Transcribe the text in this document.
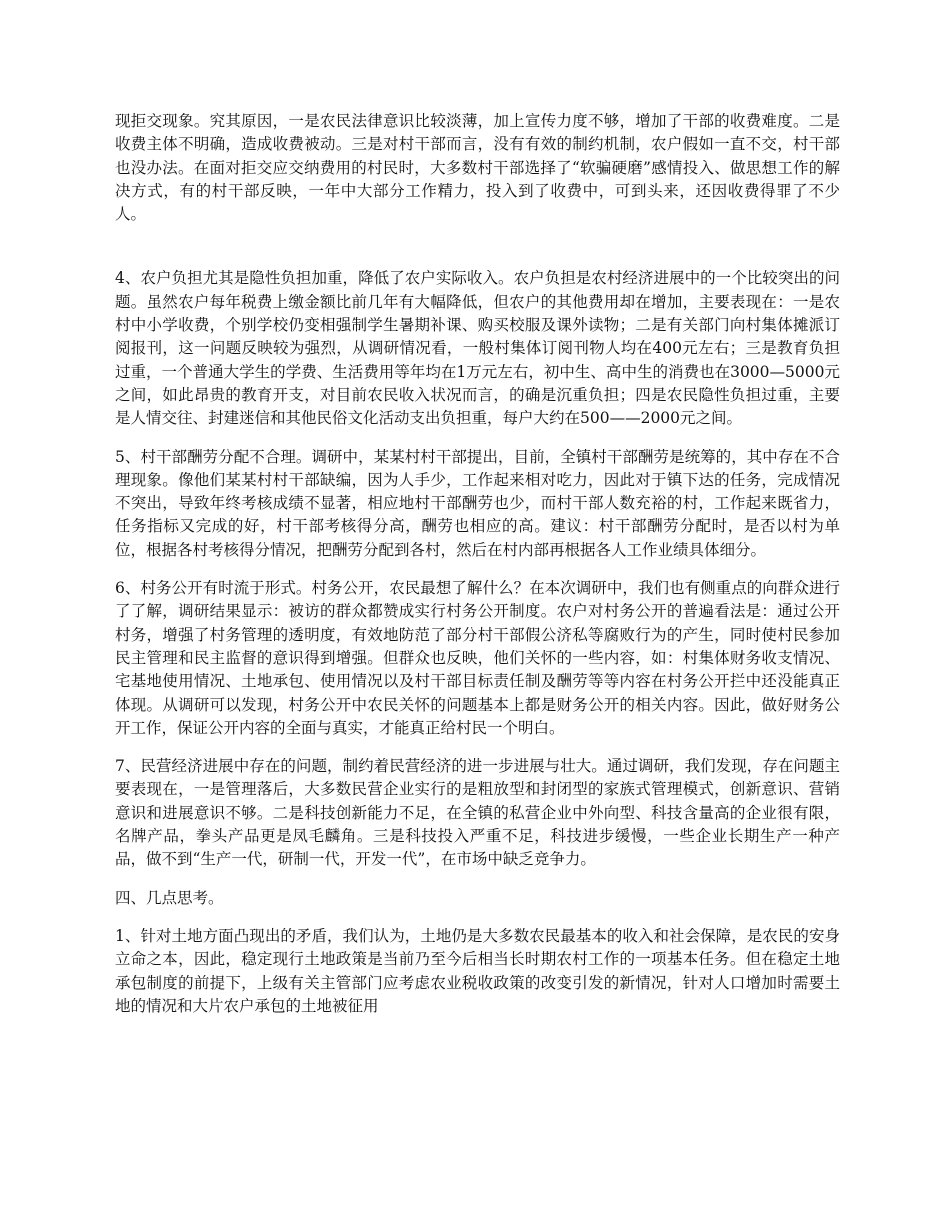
现拒交现象。究其原因，一是农民法律意识比较淡薄，加上宣传力度不够，增加了干部的收费难度。二是收费主体不明确，造成收费被动。三是对村干部而言，没有有效的制约机制，农户假如一直不交，村干部也没办法。在面对拒交应交纳费用的村民时，大多数村干部选择了“软骗硬磨”感情投入、做思想工作的解决方式，有的村干部反映，一年中大部分工作精力，投入到了收费中，可到头来，还因收费得罪了不少人。

4、农户负担尤其是隐性负担加重，降低了农户实际收入。农户负担是农村经济进展中的一个比较突出的问题。虽然农户每年税费上缴金额比前几年有大幅降低，但农户的其他费用却在增加，主要表现在：一是农村中小学收费，个别学校仍变相强制学生暑期补课、购买校服及课外读物；二是有关部门向村集体摊派订阅报刊，这一问题反映较为强烈，从调研情况看，一般村集体订阅刊物人均在400元左右；三是教育负担过重，一个普通大学生的学费、生活费用等年均在1万元左右，初中生、高中生的消费也在3000—5000元之间，如此昂贵的教育开支，对目前农民收入状况而言，的确是沉重负担；四是农民隐性负担过重，主要是人情交往、封建迷信和其他民俗文化活动支出负担重，每户大约在500——2000元之间。

5、村干部酬劳分配不合理。调研中，某某村村干部提出，目前，全镇村干部酬劳是统筹的，其中存在不合理现象。像他们某某村村干部缺编，因为人手少，工作起来相对吃力，因此对于镇下达的任务，完成情况不突出，导致年终考核成绩不显著，相应地村干部酬劳也少，而村干部人数充裕的村，工作起来既省力，任务指标又完成的好，村干部考核得分高，酬劳也相应的高。建议：村干部酬劳分配时，是否以村为单位，根据各村考核得分情况，把酬劳分配到各村，然后在村内部再根据各人工作业绩具体细分。

6、村务公开有时流于形式。村务公开，农民最想了解什么？在本次调研中，我们也有侧重点的向群众进行了了解，调研结果显示：被访的群众都赞成实行村务公开制度。农户对村务公开的普遍看法是：通过公开村务，增强了村务管理的透明度，有效地防范了部分村干部假公济私等腐败行为的产生，同时使村民参加民主管理和民主监督的意识得到增强。但群众也反映，他们关怀的一些内容，如：村集体财务收支情况、宅基地使用情况、土地承包、使用情况以及村干部目标责任制及酬劳等等内容在村务公开拦中还没能真正体现。从调研可以发现，村务公开中农民关怀的问题基本上都是财务公开的相关内容。因此，做好财务公开工作，保证公开内容的全面与真实，才能真正给村民一个明白。

7、民营经济进展中存在的问题，制约着民营经济的进一步进展与壮大。通过调研，我们发现，存在问题主要表现在，一是管理落后，大多数民营企业实行的是粗放型和封闭型的家族式管理模式，创新意识、营销意识和进展意识不够。二是科技创新能力不足，在全镇的私营企业中外向型、科技含量高的企业很有限，名牌产品，拳头产品更是凤毛麟角。三是科技投入严重不足，科技进步缓慢，一些企业长期生产一种产品，做不到“生产一代，研制一代，开发一代”，在市场中缺乏竞争力。

四、几点思考。

1、针对土地方面凸现出的矛盾，我们认为，土地仍是大多数农民最基本的收入和社会保障，是农民的安身立命之本，因此，稳定现行土地政策是当前乃至今后相当长时期农村工作的一项基本任务。但在稳定土地承包制度的前提下，上级有关主管部门应考虑农业税收政策的改变引发的新情况，针对人口增加时需要土地的情况和大片农户承包的土地被征用
